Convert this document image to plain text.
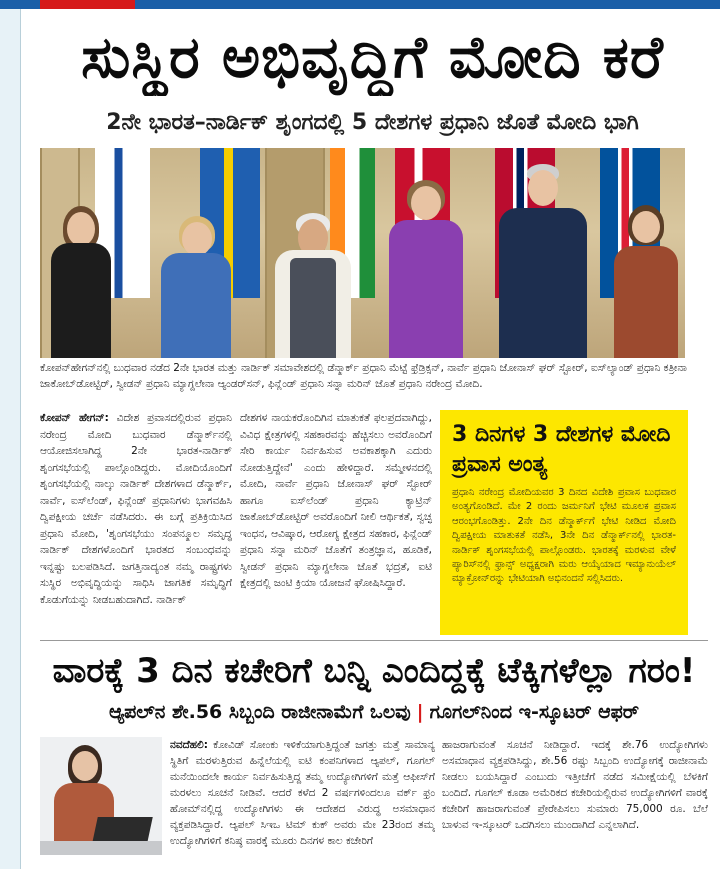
ಸುಸ್ಥಿರ ಅಭಿವೃದ್ಧಿಗೆ ಮೋದಿ ಕರೆ
2ನೇ ಭಾರತ–ನಾರ್ಡಿಕ್ ಶೃಂಗದಲ್ಲಿ 5 ದೇಶಗಳ ಪ್ರಧಾನಿ ಜೊತೆ ಮೋದಿ ಭಾಗಿ
ಕೋಪನ್‌ಹೇಗನ್‌ನಲ್ಲಿ ಬುಧವಾರ ನಡೆದ 2ನೇ ಭಾರತ ಮತ್ತು ನಾರ್ಡಿಕ್ ಸಮಾವೇಶದಲ್ಲಿ ಡೆನ್ಮಾರ್ಕ್ ಪ್ರಧಾನಿ ಮೆಟ್ಟೆ ಫ್ರೆಡ್ರಿಕ್ಸನ್, ನಾರ್ವೆ ಪ್ರಧಾನಿ ಜೋನಾಸ್ ಘರ್ ಸ್ಟೋರ್, ಐಸ್‌ಲ್ಯಾಂಡ್ ಪ್ರಧಾನಿ ಕತ್ರೀನಾ ಜಾಕೋಬ್‌ಡೋಟ್ಟಿರ್, ಸ್ವೀಡನ್ ಪ್ರಧಾನಿ ಮ್ಯಾಗ್ದಲೇನಾ ಆ್ಯಂಡರ್‌ಸನ್, ಫಿನ್ಲೆಂಡ್ ಪ್ರಧಾನಿ ಸನ್ನಾ ಮರಿನ್ ಜೊತೆ ಪ್ರಧಾನಿ ನರೇಂದ್ರ ಮೋದಿ.
ಕೋಪನ್ ಹೇಗನ್: ವಿದೇಶ ಪ್ರವಾಸದಲ್ಲಿರುವ ಪ್ರಧಾನಿ ನರೇಂದ್ರ ಮೋದಿ ಬುಧವಾರ ಡೆನ್ಮಾರ್ಕ್‌ನಲ್ಲಿ ಆಯೋಜಿಸಲಾಗಿದ್ದ 2ನೇ ಭಾರತ-ನಾರ್ಡಿಕ್ ಶೃಂಗಸಭೆಯಲ್ಲಿ ಪಾಲ್ಗೊಂಡಿದ್ದರು. ಮೋದಿಯೊಂದಿಗೆ ಶೃಂಗಸಭೆಯಲ್ಲಿ ನಾಲ್ಕು ನಾರ್ಡಿಕ್ ದೇಶಗಳಾದ ಡೆನ್ಮಾರ್ಕ್, ನಾರ್ವೆ, ಐಸ್‌ಲೆಂಡ್, ಫಿನ್ಲೆಂಡ್ ಪ್ರಧಾನಿಗಳು ಭಾಗವಹಿಸಿ ದ್ವಿಪಕ್ಷೀಯ ಚರ್ಚೆ ನಡೆಸಿದರು. ಈ ಬಗ್ಗೆ ಪ್ರತಿಕ್ರಿಯಿಸಿದ ಪ್ರಧಾನಿ ಮೋದಿ, 'ಶೃಂಗಸಭೆಯು ಸಂಪನ್ಮೂಲ ಸಮೃದ್ಧ ನಾರ್ಡಿಕ್ ದೇಶಗಳೊಂದಿಗೆ ಭಾರತದ ಸಂಬಂಧವನ್ನು ಇನ್ನಷ್ಟು ಬಲಪಡಿಸಿದೆ. ಜಗತ್ತಿನಾದ್ಯಂತ ನಮ್ಮ ರಾಷ್ಟ್ರಗಳು ಸುಸ್ಥಿರ ಅಭಿವೃದ್ಧಿಯನ್ನು ಸಾಧಿಸಿ ಜಾಗತಿಕ ಸಮೃದ್ಧಿಗೆ ಕೊಡುಗೆಯನ್ನು ನೀಡಬಹುದಾಗಿದೆ. ನಾರ್ಡಿಕ್
ದೇಶಗಳ ನಾಯಕರೊಂದಿಗಿನ ಮಾತುಕತೆ ಫಲಪ್ರದವಾಗಿದ್ದು, ವಿವಿಧ ಕ್ಷೇತ್ರಗಳಲ್ಲಿ ಸಹಕಾರವನ್ನು ಹೆಚ್ಚಿಸಲು ಅವರೊಂದಿಗೆ ಸೇರಿ ಕಾರ್ಯ ನಿರ್ವಹಿಸುವ ಅವಕಾಶಕ್ಕಾಗಿ ಎದುರು ನೋಡುತ್ತಿದ್ದೇನೆ' ಎಂದು ಹೇಳಿದ್ದಾರೆ. ಸಮ್ಮೇಳನದಲ್ಲಿ ಮೋದಿ, ನಾರ್ವೆ ಪ್ರಧಾನಿ ಜೋನಾಸ್ ಘರ್ ಸ್ಟೋರ್ ಹಾಗೂ ಐಸ್‌ಲೆಂಡ್ ಪ್ರಧಾನಿ ಕ್ಯಾಟ್ರಿನ್ ಜಾಕೋಬ್‌ಡೋಟ್ಟಿರ್ ಅವರೊಂದಿಗೆ ನೀಲಿ ಆರ್ಥಿಕತೆ, ಸ್ವಚ್ಛ ಇಂಧನ, ಆವಿಷ್ಕಾರ, ಆರೋಗ್ಯ ಕ್ಷೇತ್ರದ ಸಹಕಾರ, ಫಿನ್ಲೆಂಡ್ ಪ್ರಧಾನಿ ಸನ್ನಾ ಮರಿನ್ ಜೊತೆಗೆ ತಂತ್ರಜ್ಞಾನ, ಹೂಡಿಕೆ, ಸ್ವೀಡನ್ ಪ್ರಧಾನಿ ಮ್ಯಾಗ್ದಲೇನಾ ಜೊತೆ ಭದ್ರತೆ, ಐಟಿ ಕ್ಷೇತ್ರದಲ್ಲಿ ಜಂಟಿ ಕ್ರಿಯಾ ಯೋಜನೆ ಘೋಷಿಸಿದ್ದಾರೆ.
3 ದಿನಗಳ 3 ದೇಶಗಳ ಮೋದಿ ಪ್ರವಾಸ ಅಂತ್ಯ
ಪ್ರಧಾನಿ ನರೇಂದ್ರ ಮೋದಿಯವರ 3 ದಿನದ ವಿದೇಶಿ ಪ್ರವಾಸ ಬುಧವಾರ ಅಂತ್ಯಗೊಂಡಿದೆ. ಮೇ 2 ರಂದು ಜರ್ಮನಿಗೆ ಭೇಟಿ ಮೂಲಕ ಪ್ರವಾಸ ಆರಂಭಗೊಂಡಿತ್ತು. 2ನೇ ದಿನ ಡೆನ್ಮಾರ್ಕ್‌ಗೆ ಭೇಟಿ ನೀಡಿದ ಮೋದಿ ದ್ವಿಪಕ್ಷೀಯ ಮಾತುಕತೆ ನಡೆಸಿ, 3ನೇ ದಿನ ಡೆನ್ಮಾರ್ಕ್‌ನಲ್ಲಿ ಭಾರತ-ನಾರ್ಡಿಕ್ ಶೃಂಗಸಭೆಯಲ್ಲಿ ಪಾಲ್ಗೊಂಡರು. ಭಾರತಕ್ಕೆ ಮರಳುವ ವೇಳೆ ಪ್ಯಾರಿಸ್‌ನಲ್ಲಿ ಫ್ರಾನ್ಸ್ ಅಧ್ಯಕ್ಷರಾಗಿ ಮರು ಆಯ್ಕೆಯಾದ ಇಮ್ಯಾನುಯೆಲ್ ಮ್ಯಾಕ್ರೋನ್‌ರನ್ನು ಭೇಟಿಯಾಗಿ ಅಭಿನಂದನೆ ಸಲ್ಲಿಸಿದರು.
ವಾರಕ್ಕೆ 3 ದಿನ ಕಚೇರಿಗೆ ಬನ್ನಿ ಎಂದಿದ್ದಕ್ಕೆ ಟೆಕ್ಕಿಗಳೆಲ್ಲಾ ಗರಂ!
ಆ್ಯಪಲ್‌ನ ಶೇ.56 ಸಿಬ್ಬಂದಿ ರಾಜೀನಾಮೆಗೆ ಒಲವು | ಗೂಗಲ್‌ನಿಂದ ಇ-ಸ್ಕೂಟರ್ ಆಫರ್
ನವದೆಹಲಿ: ಕೋವಿಡ್ ಸೋಂಕು ಇಳಿಕೆಯಾಗುತ್ತಿದ್ದಂತೆ ಜಗತ್ತು ಮತ್ತೆ ಸಾಮಾನ್ಯ ಸ್ಥಿತಿಗೆ ಮರಳುತ್ತಿರುವ ಹಿನ್ನೆಲೆಯಲ್ಲಿ ಐಟಿ ಕಂಪನಿಗಳಾದ ಆ್ಯಪಲ್, ಗೂಗಲ್ ಮನೆಯಿಂದಲೇ ಕಾರ್ಯ ನಿರ್ವಹಿಸುತ್ತಿದ್ದ ತಮ್ಮ ಉದ್ಯೋಗಿಗಳಿಗೆ ಮತ್ತೆ ಆಫೀಸ್‌ಗೆ ಮರಳಲು ಸೂಚನೆ ನೀಡಿವೆ. ಆದರೆ ಕಳೆದ 2 ವರ್ಷಗಳಿಂದಲೂ ವರ್ಕ್ ಫ್ರಂ ಹೋಮ್‌ನಲ್ಲಿದ್ದ ಉದ್ಯೋಗಿಗಳು ಈ ಆದೇಶದ ವಿರುದ್ಧ ಅಸಮಾಧಾನ ವ್ಯಕ್ತಪಡಿಸಿದ್ದಾರೆ. ಆ್ಯಪಲ್ ಸಿಇಒ ಟಿಮ್ ಕುಕ್ ಅವರು ಮೇ 23ರಂದ ತಮ್ಮ ಉದ್ಯೋಗಿಗಳಿಗೆ ಕನಿಷ್ಠ ವಾರಕ್ಕೆ ಮೂರು ದಿನಗಳ ಕಾಲ ಕಚೇರಿಗೆ
ಹಾಜರಾಗುವಂತೆ ಸೂಚನೆ ನೀಡಿದ್ದಾರೆ. ಇದಕ್ಕೆ ಶೇ.76 ಉದ್ಯೋಗಿಗಳು ಅಸಮಾಧಾನ ವ್ಯಕ್ತಪಡಿಸಿದ್ದು, ಶೇ.56 ರಷ್ಟು ಸಿಬ್ಬಂದಿ ಉದ್ಯೋಗಕ್ಕೆ ರಾಜೀನಾಮೆ ನೀಡಲು ಬಯಸಿದ್ದಾರೆ ಎಂಬುದು ಇತ್ತೀಚೆಗೆ ನಡೆದ ಸಮೀಕ್ಷೆಯಲ್ಲಿ ಬೆಳಕಿಗೆ ಬಂದಿದೆ. ಗೂಗಲ್ ಕೂಡಾ ಅಮೆರಿಕದ ಕಚೇರಿಯಲ್ಲಿರುವ ಉದ್ಯೋಗಿಗಳಿಗೆ ವಾರಕ್ಕೆ ಕಚೇರಿಗೆ ಹಾಜರಾಗುವಂತೆ ಪ್ರೇರೇಪಿಸಲು ಸುಮಾರು 75,000 ರೂ. ಬೆಲೆ ಬಾಳುವ ಇ-ಸ್ಕೂಟರ್ ಒದಗಿಸಲು ಮುಂದಾಗಿದೆ ಎನ್ನಲಾಗಿದೆ.
